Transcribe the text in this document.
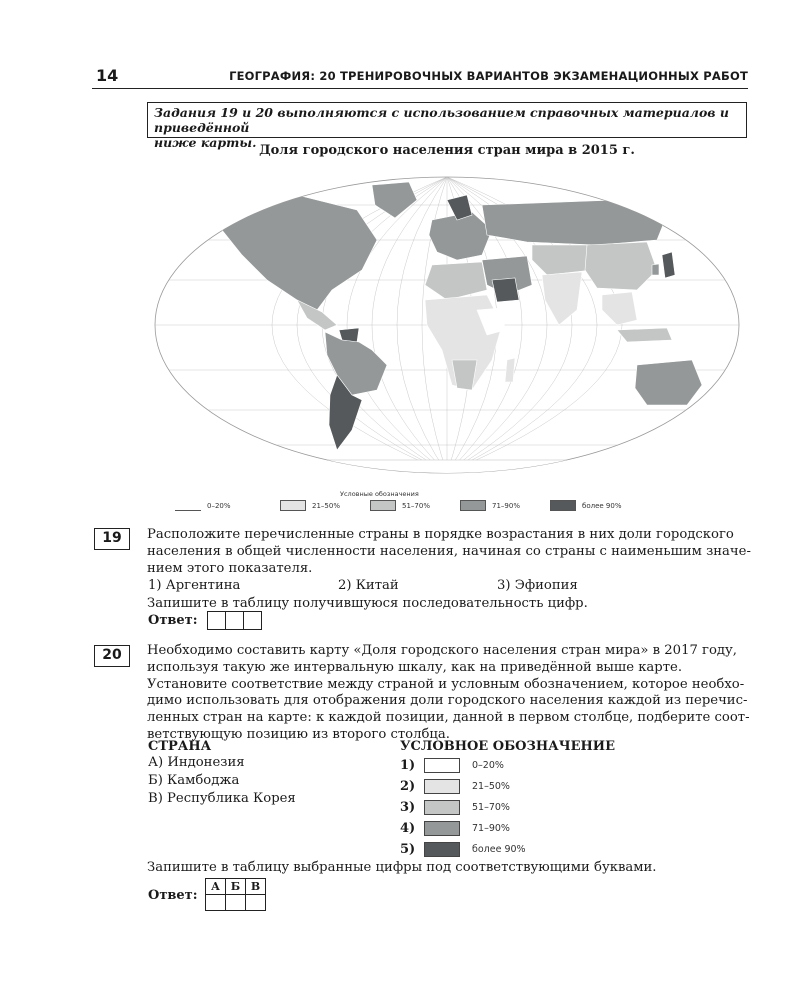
14	ГЕОГРАФИЯ: 20 ТРЕНИРОВОЧНЫХ ВАРИАНТОВ ЭКЗАМЕНАЦИОННЫХ РАБОТ
Задания 19 и 20 выполняются с использованием справочных материалов и приведённой
ниже карты.
Доля городского населения стран мира в 2015 г.
Условные обозначения
0–20%	21–50%	51–70%	71–90%	более 90%
19	Расположите перечисленные страны в порядке возрастания в них доли городского
населения в общей численности населения, начиная со страны с наименьшим значе-
нием этого показателя.
1) Аргентина	2) Китай	3) Эфиопия
Запишите в таблицу получившуюся последовательность цифр.
Ответ:
20	Необходимо составить карту «Доля городского населения стран мира» в 2017 году,
используя такую же интервальную шкалу, как на приведённой выше карте.
Установите соответствие между страной и условным обозначением, которое необхо-
димо использовать для отображения доли городского населения каждой из перечис-
ленных стран на карте: к каждой позиции, данной в первом столбце, подберите соот-
ветствующую позицию из второго столбца.
СТРАНА	УСЛОВНОЕ ОБОЗНАЧЕНИЕ
А) Индонезия
Б) Камбоджа
В) Республика Корея
1)	0–20%
2)	21–50%
3)	51–70%
4)	71–90%
5)	более 90%
Запишите в таблицу выбранные цифры под соответствующими буквами.
Ответ:
А	Б	В
